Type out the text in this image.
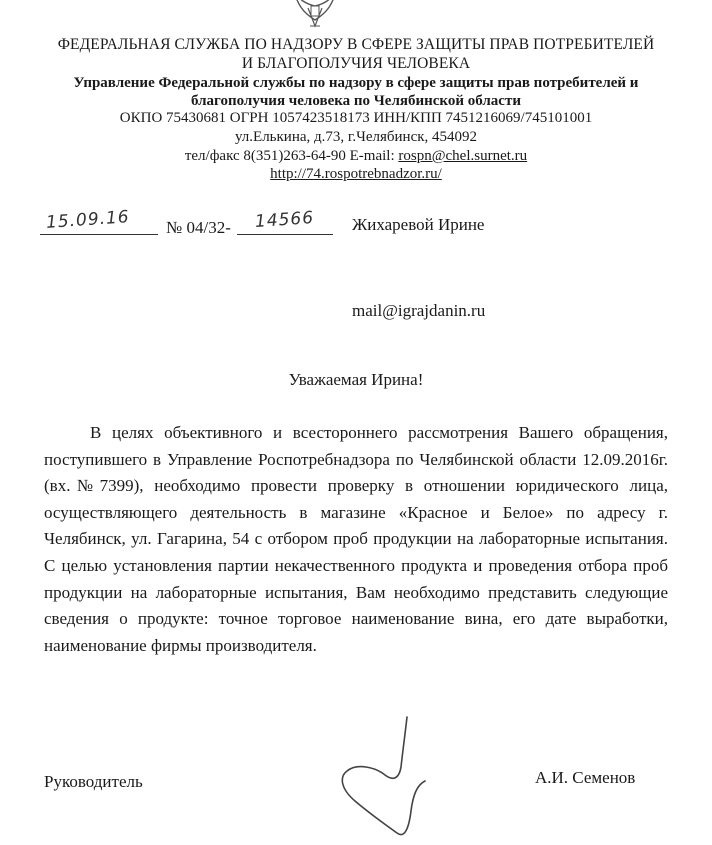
ФЕДЕРАЛЬНАЯ СЛУЖБА ПО НАДЗОРУ В СФЕРЕ ЗАЩИТЫ ПРАВ ПОТРЕБИТЕЛЕЙ
И БЛАГОПОЛУЧИЯ ЧЕЛОВЕКА
Управление Федеральной службы по надзору в сфере защиты прав потребителей и
благополучия человека по Челябинской области
ОКПО 75430681 ОГРН 1057423518173 ИНН/КПП 7451216069/745101001
ул.Елькина, д.73, г.Челябинск, 454092
тел/факс 8(351)263-64-90 E-mail: rospn@chel.surnet.ru
http://74.rospotrebnadzor.ru/
15.09.16 № 04/32- 14566 Жихаревой Ирине
mail@igrajdanin.ru
Уважаемая Ирина!
В целях объективного и всестороннего рассмотрения Вашего обращения, поступившего в Управление Роспотребнадзора по Челябинской области 12.09.2016г. (вх.№7399), необходимо провести проверку в отношении юридического лица, осуществляющего деятельность в магазине «Красное и Белое» по адресу г. Челябинск, ул. Гагарина, 54 с отбором проб продукции на лабораторные испытания. С целью установления партии некачественного продукта и проведения отбора проб продукции на лабораторные испытания, Вам необходимо представить следующие сведения о продукте: точное торговое наименование вина, его дате выработки, наименование фирмы производителя.
Руководитель	А.И. Семенов
